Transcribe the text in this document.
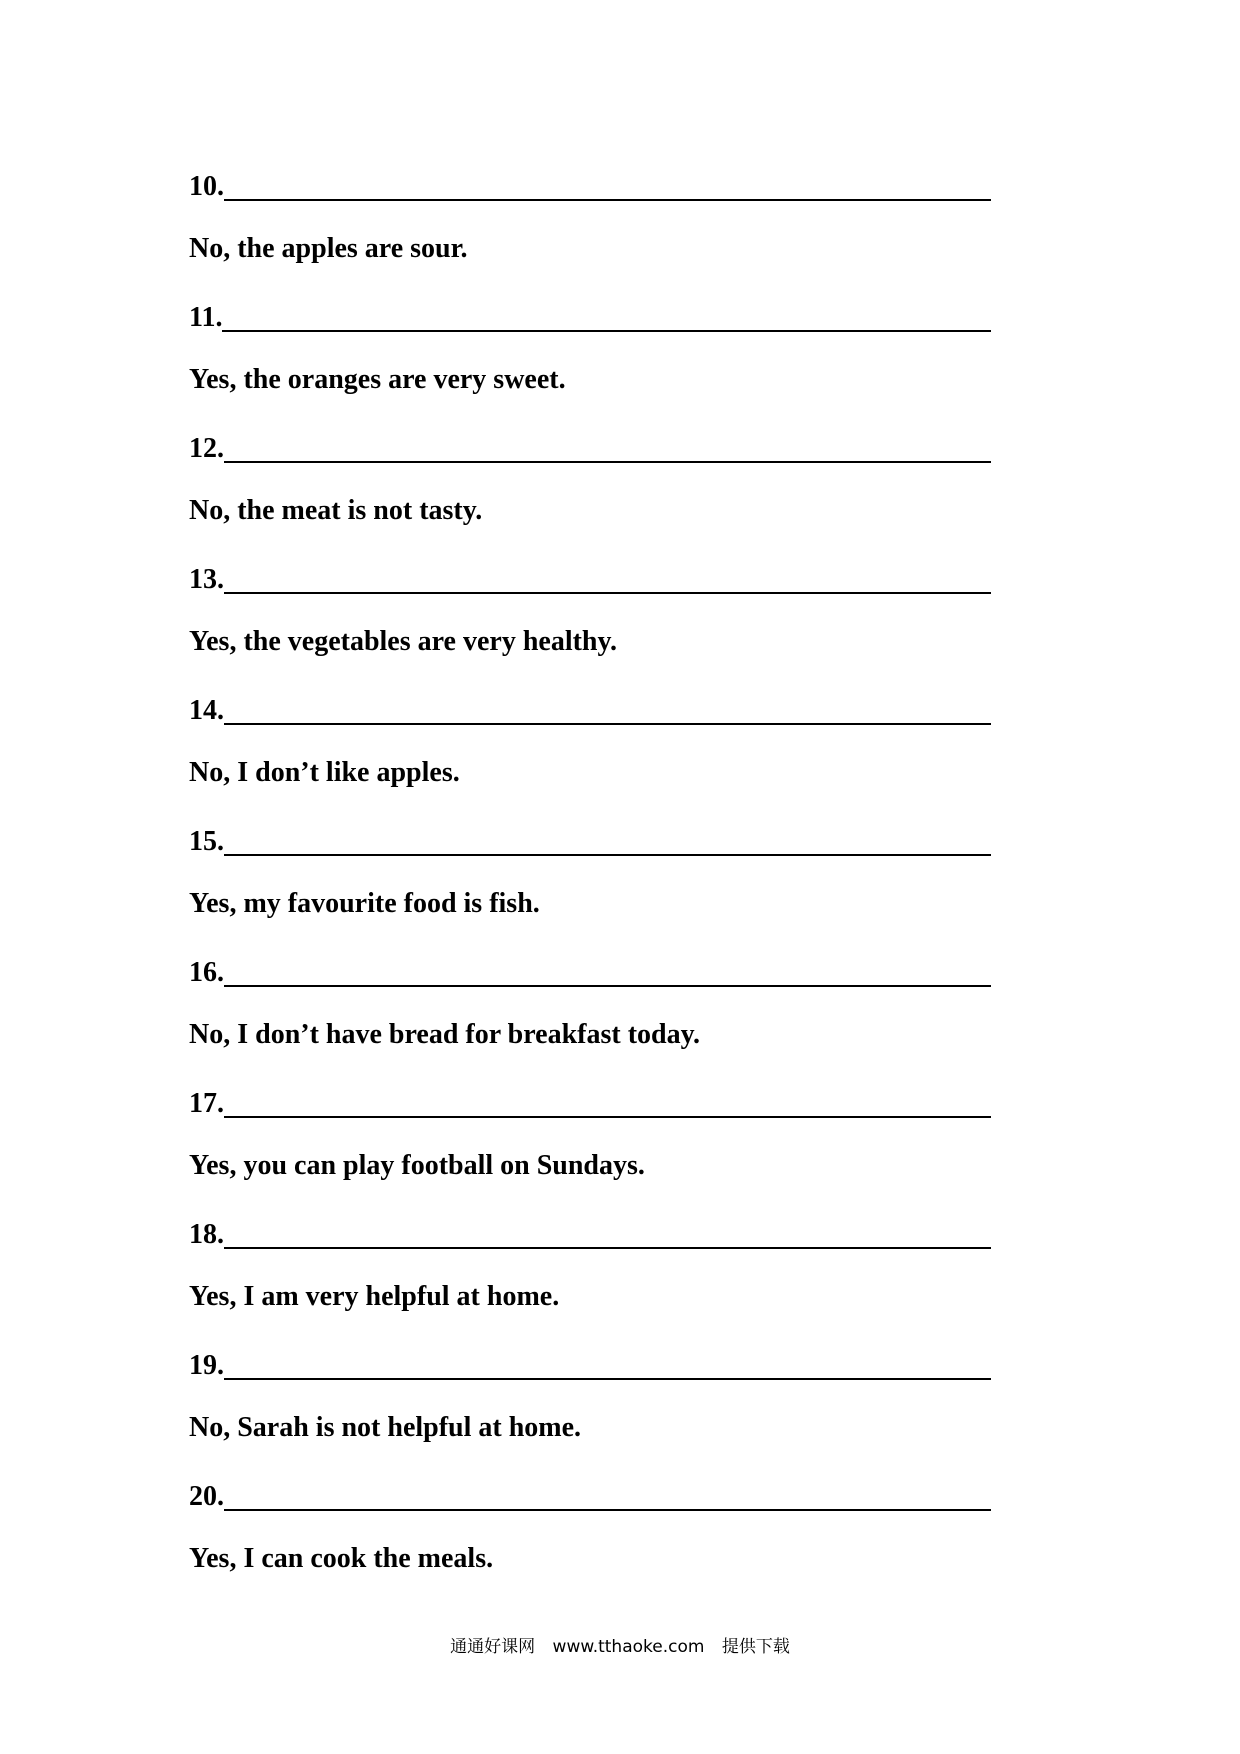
10.
No, the apples are sour.
11.
Yes, the oranges are very sweet.
12.
No, the meat is not tasty.
13.
Yes, the vegetables are very healthy.
14.
No, I don’t like apples.
15.
Yes, my favourite food is fish.
16.
No, I don’t have bread for breakfast today.
17.
Yes, you can play football on Sundays.
18.
Yes, I am very helpful at home.
19.
No, Sarah is not helpful at home.
20.
Yes, I can cook the meals.
通通好课网 www.tthaoke.com 提供下载
